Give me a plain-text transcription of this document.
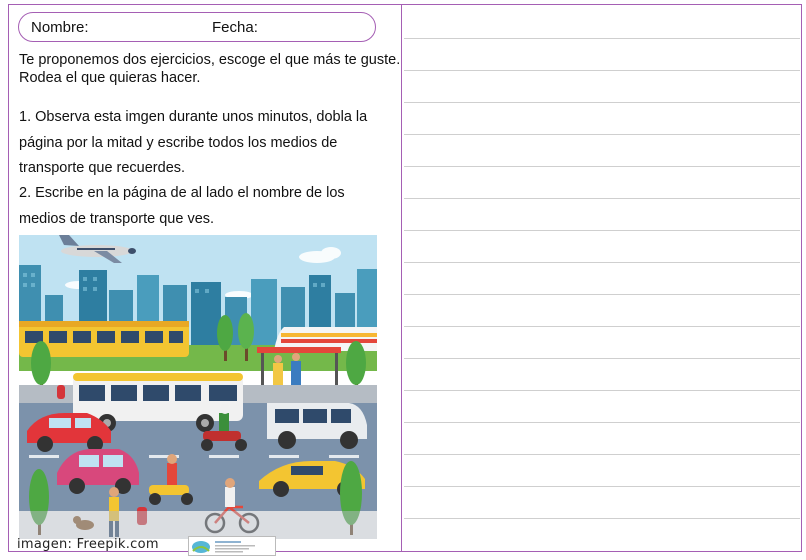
Nombre:	Fecha:
Te proponemos dos ejercicios, escoge el que más te guste.
Rodea el que quieras hacer.
1. Observa esta imgen durante unos minutos, dobla la
página por la mitad y escribe todos los medios de
transporte que recuerdes.
2. Escribe en la página de al lado el nombre de los
medios de transporte que ves.
imagen: Freepik.com
